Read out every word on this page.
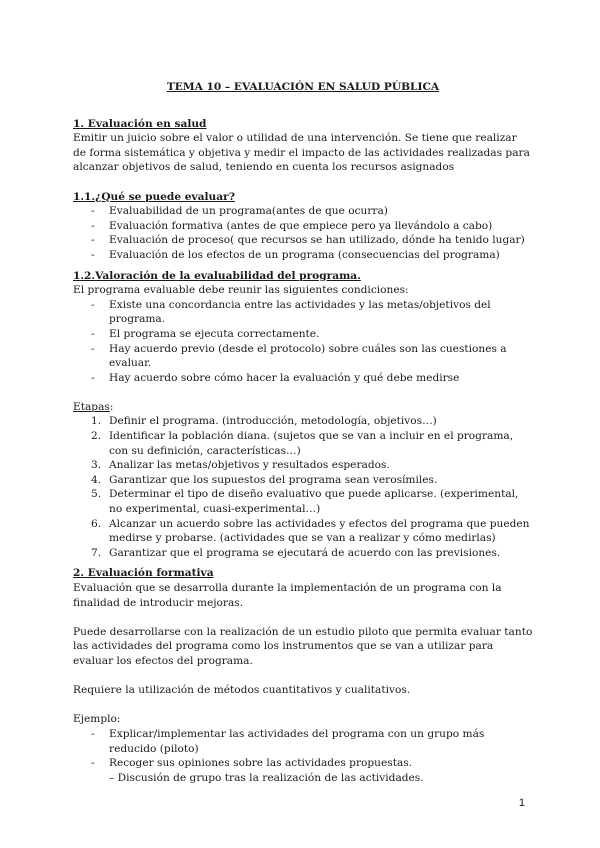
TEMA 10 – EVALUACIÓN EN SALUD PÚBLICA

1. Evaluación en salud

Emitir un juicio sobre el valor o utilidad de una intervención. Se tiene que realizar de forma sistemática y objetiva y medir el impacto de las actividades realizadas para alcanzar objetivos de salud, teniendo en cuenta los recursos asignados

1.1.¿Qué se puede evaluar?

- Evaluabilidad de un programa(antes de que ocurra)
- Evaluación formativa (antes de que empiece pero ya llevándolo a cabo)
- Evaluación de proceso( que recursos se han utilizado, dónde ha tenido lugar)
- Evaluación de los efectos de un programa (consecuencias del programa)

1.2.Valoración de la evaluabilidad del programa.

El programa evaluable debe reunir las siguientes condiciones:

- Existe una concordancia entre las actividades y las metas/objetivos del programa.
- El programa se ejecuta correctamente.
- Hay acuerdo previo (desde el protocolo) sobre cuáles son las cuestiones a evaluar.
- Hay acuerdo sobre cómo hacer la evaluación y qué debe medirse

Etapas:

1. Definir el programa. (introducción, metodología, objetivos…)
2. Identificar la población diana. (sujetos que se van a incluir en el programa, con su definición, características…)
3. Analizar las metas/objetivos y resultados esperados.
4. Garantizar que los supuestos del programa sean verosímiles.
5. Determinar el tipo de diseño evaluativo que puede aplicarse. (experimental, no experimental, cuasi-experimental…)
6. Alcanzar un acuerdo sobre las actividades y efectos del programa que pueden medirse y probarse. (actividades que se van a realizar y cómo medirlas)
7. Garantizar que el programa se ejecutará de acuerdo con las previsiones.

2. Evaluación formativa

Evaluación que se desarrolla durante la implementación de un programa con la finalidad de introducir mejoras.

Puede desarrollarse con la realización de un estudio piloto que permita evaluar tanto las actividades del programa como los instrumentos que se van a utilizar para evaluar los efectos del programa.

Requiere la utilización de métodos cuantitativos y cualitativos.

Ejemplo:

- Explicar/implementar las actividades del programa con un grupo más reducido (piloto)
- Recoger sus opiniones sobre las actividades propuestas.

– Discusión de grupo tras la realización de las actividades.

1
